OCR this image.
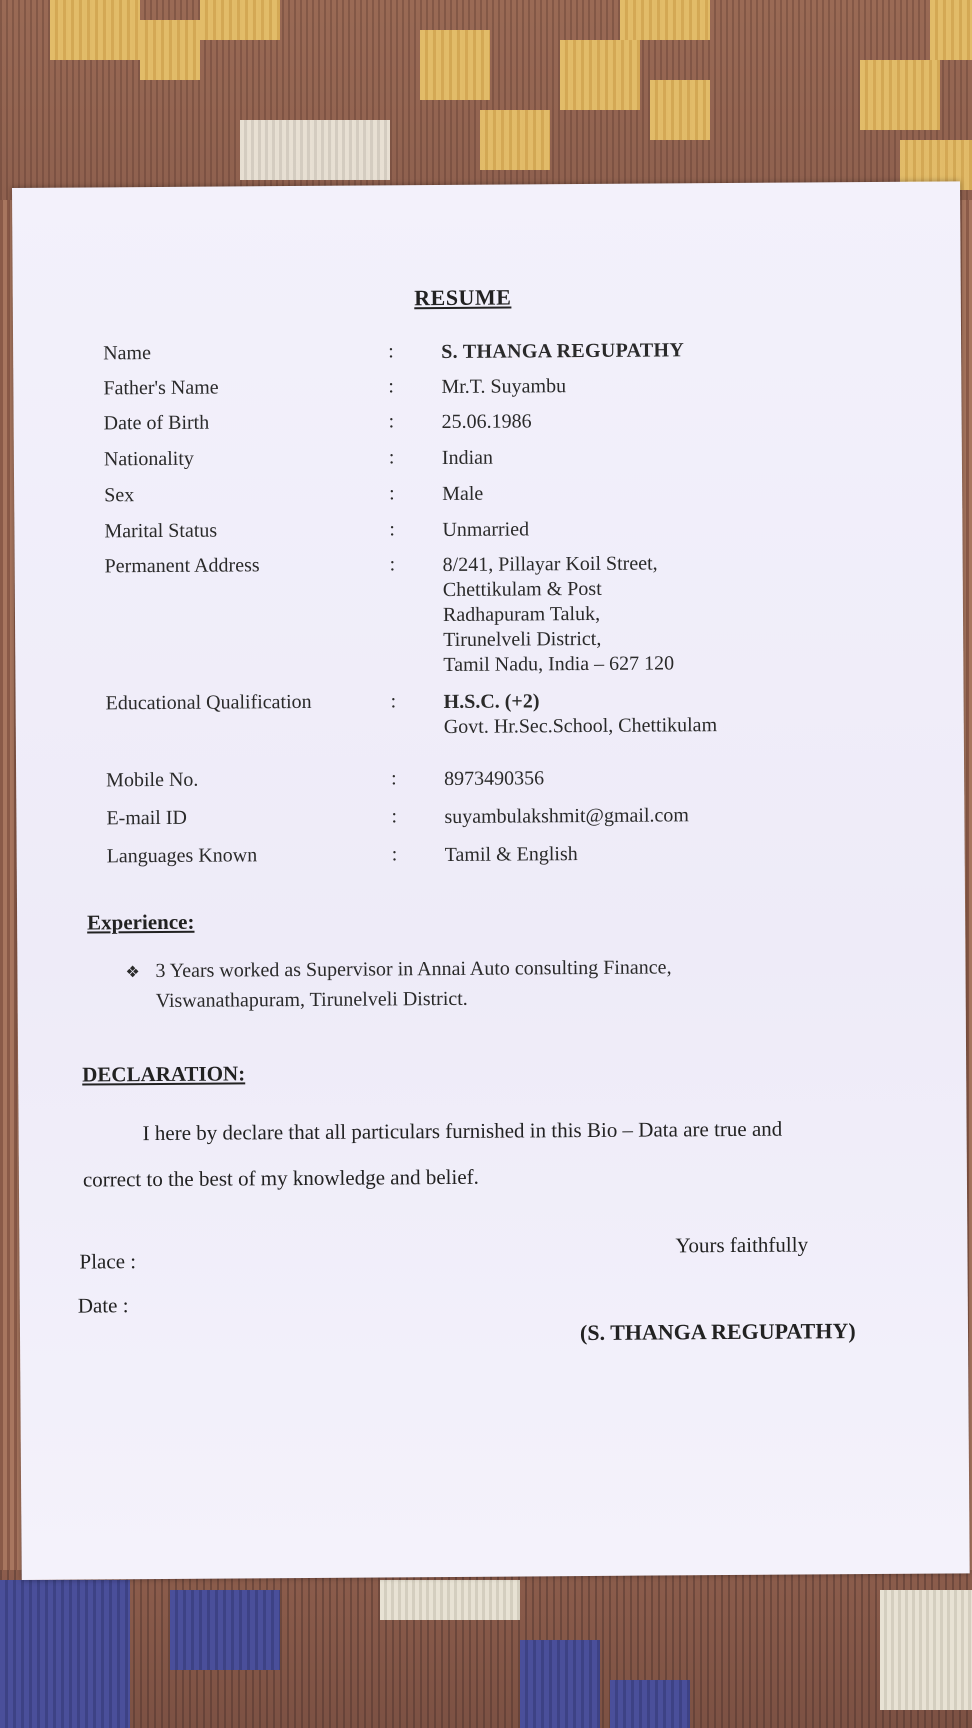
RESUME
Name	: S. THANGA REGUPATHY
Father's Name	: Mr.T. Suyambu
Date of Birth	: 25.06.1986
Nationality	: Indian
Sex	: Male
Marital Status	: Unmarried
Permanent Address	: 8/241, Pillayar Koil Street,
Chettikulam & Post
Radhapuram Taluk,
Tirunelveli District,
Tamil Nadu, India – 627 120
Educational Qualification	: H.S.C. (+2)
Govt. Hr.Sec.School, Chettikulam
Mobile No.	: 8973490356
E-mail ID	: suyambulakshmit@gmail.com
Languages Known	: Tamil & English
Experience:
❖ 3 Years worked as Supervisor in Annai Auto consulting Finance,
Viswanathapuram, Tirunelveli District.
DECLARATION:
I here by declare that all particulars furnished in this Bio – Data are true and
correct to the best of my knowledge and belief.
Place :
Yours faithfully
Date :
(S. THANGA REGUPATHY)
